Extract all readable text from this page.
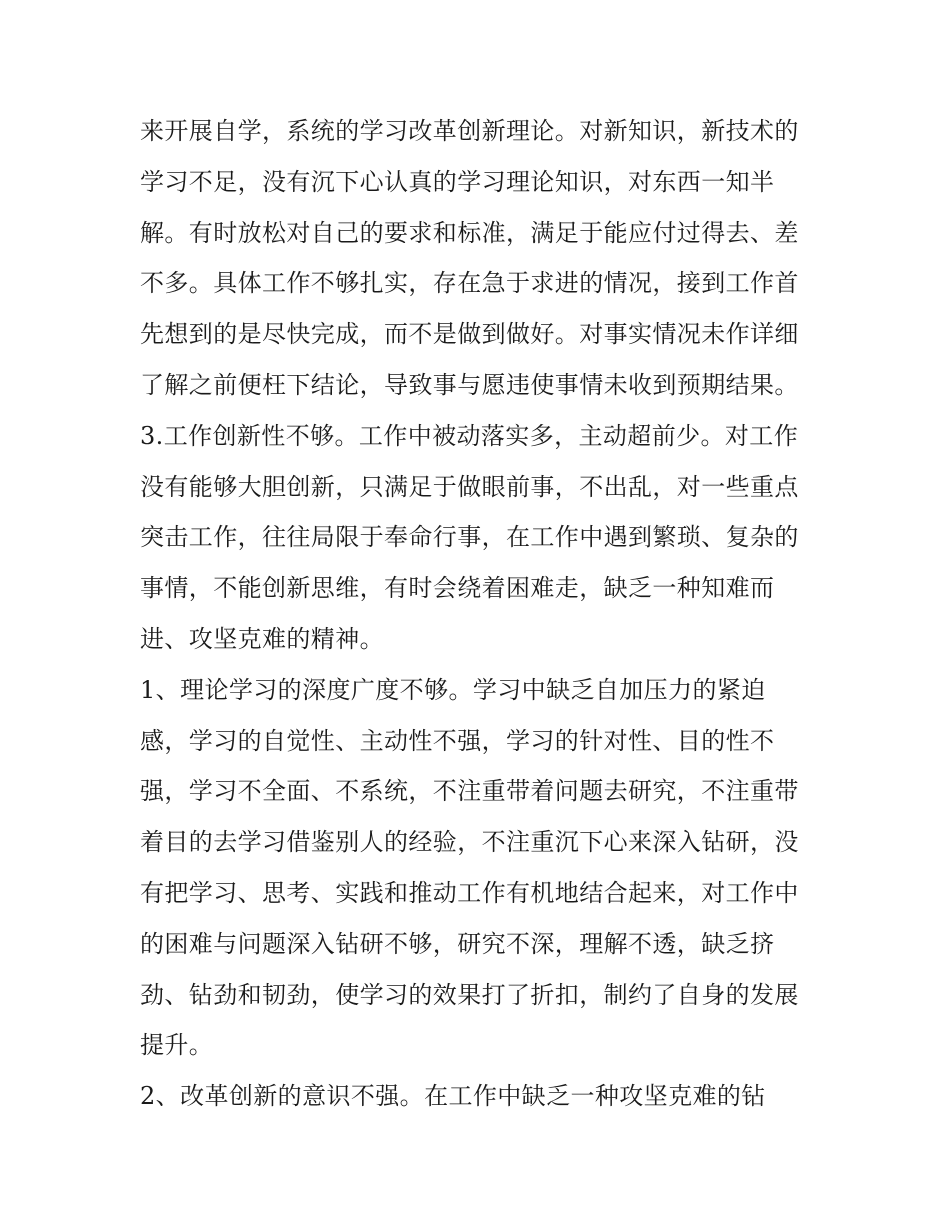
来开展自学，系统的学习改革创新理论。对新知识，新技术的
学习不足，没有沉下心认真的学习理论知识，对东西一知半
解。有时放松对自己的要求和标准，满足于能应付过得去、差
不多。具体工作不够扎实，存在急于求进的情况，接到工作首
先想到的是尽快完成，而不是做到做好。对事实情况未作详细
了解之前便枉下结论，导致事与愿违使事情未收到预期结果。
3.工作创新性不够。工作中被动落实多，主动超前少。对工作
没有能够大胆创新，只满足于做眼前事，不出乱，对一些重点
突击工作，往往局限于奉命行事，在工作中遇到繁琐、复杂的
事情，不能创新思维，有时会绕着困难走，缺乏一种知难而
进、攻坚克难的精神。
1、理论学习的深度广度不够。学习中缺乏自加压力的紧迫
感，学习的自觉性、主动性不强，学习的针对性、目的性不
强，学习不全面、不系统，不注重带着问题去研究，不注重带
着目的去学习借鉴别人的经验，不注重沉下心来深入钻研，没
有把学习、思考、实践和推动工作有机地结合起来，对工作中
的困难与问题深入钻研不够，研究不深，理解不透，缺乏挤
劲、钻劲和韧劲，使学习的效果打了折扣，制约了自身的发展
提升。
2、改革创新的意识不强。在工作中缺乏一种攻坚克难的钻
